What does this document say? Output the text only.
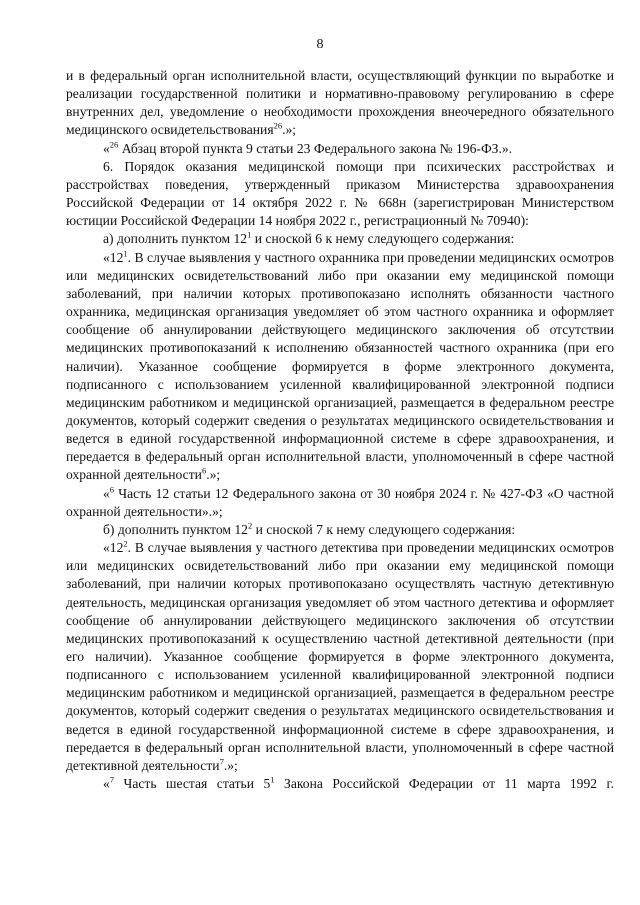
8

и в федеральный орган исполнительной власти, осуществляющий функции по выработке и реализации государственной политики и нормативно-правовому регулированию в сфере внутренних дел, уведомление о необходимости прохождения внеочередного обязательного медицинского освидетельствования$^{26}$.»;

«$^{26}$ Абзац второй пункта 9 статьи 23 Федерального закона № 196-ФЗ.».

6. Порядок оказания медицинской помощи при психических расстройствах и расстройствах поведения, утвержденный приказом Министерства здравоохранения Российской Федерации от 14 октября 2022 г. № 668н (зарегистрирован Министерством юстиции Российской Федерации 14 ноября 2022 г., регистрационный № 70940):

а) дополнить пунктом $12^1$ и сноской 6 к нему следующего содержания:

«$12^1$. В случае выявления у частного охранника при проведении медицинских осмотров или медицинских освидетельствований либо при оказании ему медицинской помощи заболеваний, при наличии которых противопоказано исполнять обязанности частного охранника, медицинская организация уведомляет об этом частного охранника и оформляет сообщение об аннулировании действующего медицинского заключения об отсутствии медицинских противопоказаний к исполнению обязанностей частного охранника (при его наличии). Указанное сообщение формируется в форме электронного документа, подписанного с использованием усиленной квалифицированной электронной подписи медицинским работником и медицинской организацией, размещается в федеральном реестре документов, который содержит сведения о результатах медицинского освидетельствования и ведется в единой государственной информационной системе в сфере здравоохранения, и передается в федеральный орган исполнительной власти, уполномоченный в сфере частной охранной деятельности$^6$.»;

«$^6$ Часть 12 статьи 12 Федерального закона от 30 ноября 2024 г. № 427-ФЗ «О частной охранной деятельности».»;

б) дополнить пунктом $12^2$ и сноской 7 к нему следующего содержания:

«$12^2$. В случае выявления у частного детектива при проведении медицинских осмотров или медицинских освидетельствований либо при оказании ему медицинской помощи заболеваний, при наличии которых противопоказано осуществлять частную детективную деятельность, медицинская организация уведомляет об этом частного детектива и оформляет сообщение об аннулировании действующего медицинского заключения об отсутствии медицинских противопоказаний к осуществлению частной детективной деятельности (при его наличии). Указанное сообщение формируется в форме электронного документа, подписанного с использованием усиленной квалифицированной электронной подписи медицинским работником и медицинской организацией, размещается в федеральном реестре документов, который содержит сведения о результатах медицинского освидетельствования и ведется в единой государственной информационной системе в сфере здравоохранения, и передается в федеральный орган исполнительной власти, уполномоченный в сфере частной детективной деятельности$^7$.»;

«$^7$ Часть шестая статьи $5^1$ Закона Российской Федерации от 11 марта 1992 г.
